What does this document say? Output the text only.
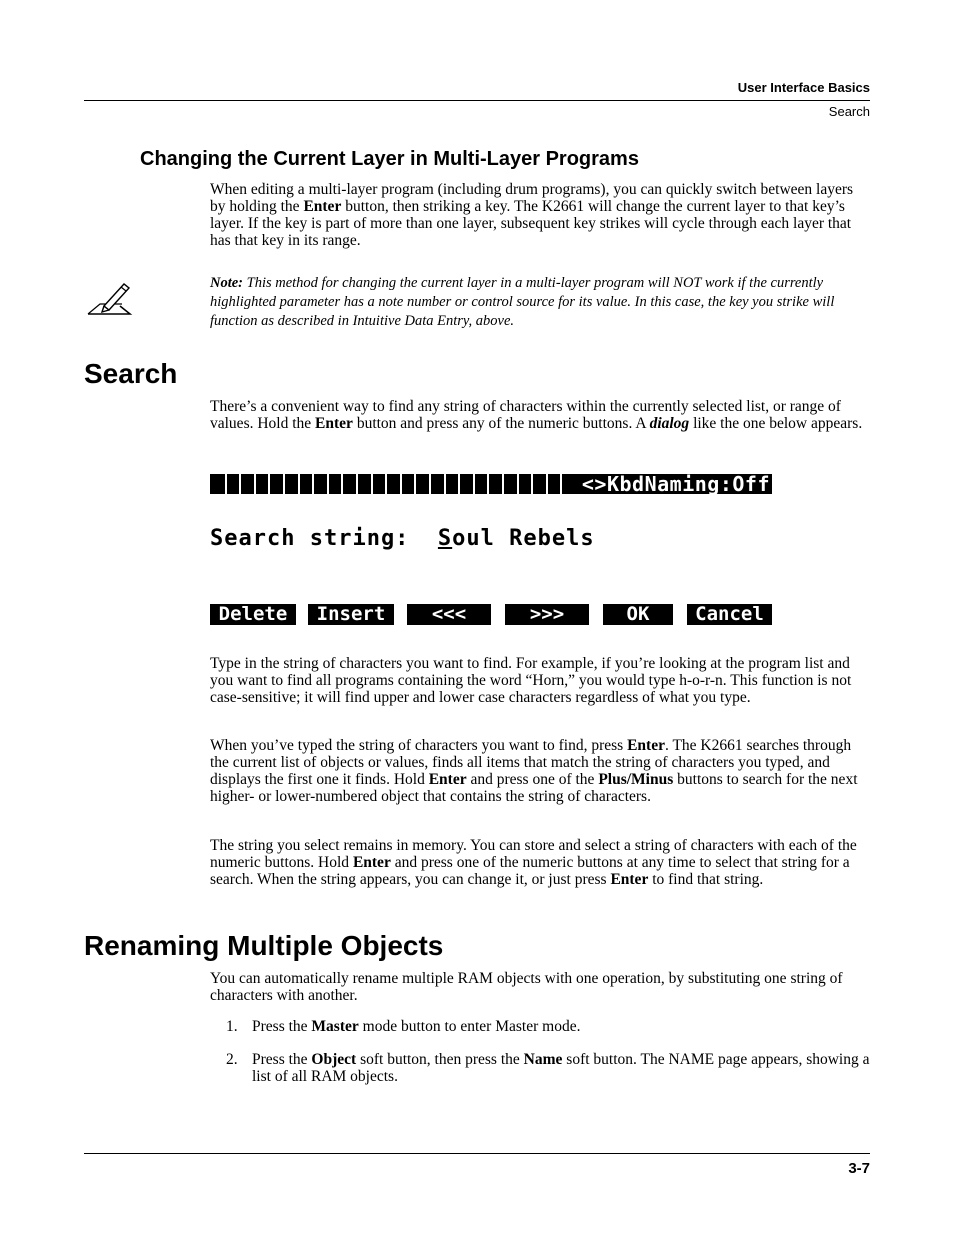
User Interface Basics
Search
Changing the Current Layer in Multi-Layer Programs

When editing a multi-layer program (including drum programs), you can quickly switch between layers by holding the Enter button, then striking a key. The K2661 will change the current layer to that key’s layer. If the key is part of more than one layer, subsequent key strikes will cycle through each layer that has that key in its range.

Note: This method for changing the current layer in a multi-layer program will NOT work if the currently highlighted parameter has a note number or control source for its value. In this case, the key you strike will function as described in Intuitive Data Entry, above.

Search

There’s a convenient way to find any string of characters within the currently selected list, or range of values. Hold the Enter button and press any of the numeric buttons. A dialog like the one below appears.

<>KbdNaming:Off
Search string:  Soul Rebels
Delete	Insert	<<<	>>>	OK	Cancel

Type in the string of characters you want to find. For example, if you’re looking at the program list and you want to find all programs containing the word “Horn,” you would type h-o-r-n. This function is not case-sensitive; it will find upper and lower case characters regardless of what you type.

When you’ve typed the string of characters you want to find, press Enter. The K2661 searches through the current list of objects or values, finds all items that match the string of characters you typed, and displays the first one it finds. Hold Enter and press one of the Plus/Minus buttons to search for the next higher- or lower-numbered object that contains the string of characters.

The string you select remains in memory. You can store and select a string of characters with each of the numeric buttons. Hold Enter and press one of the numeric buttons at any time to select that string for a search. When the string appears, you can change it, or just press Enter to find that string.

Renaming Multiple Objects

You can automatically rename multiple RAM objects with one operation, by substituting one string of characters with another.

1. Press the Master mode button to enter Master mode.
2. Press the Object soft button, then press the Name soft button. The NAME page appears, showing a list of all RAM objects.
3-7
